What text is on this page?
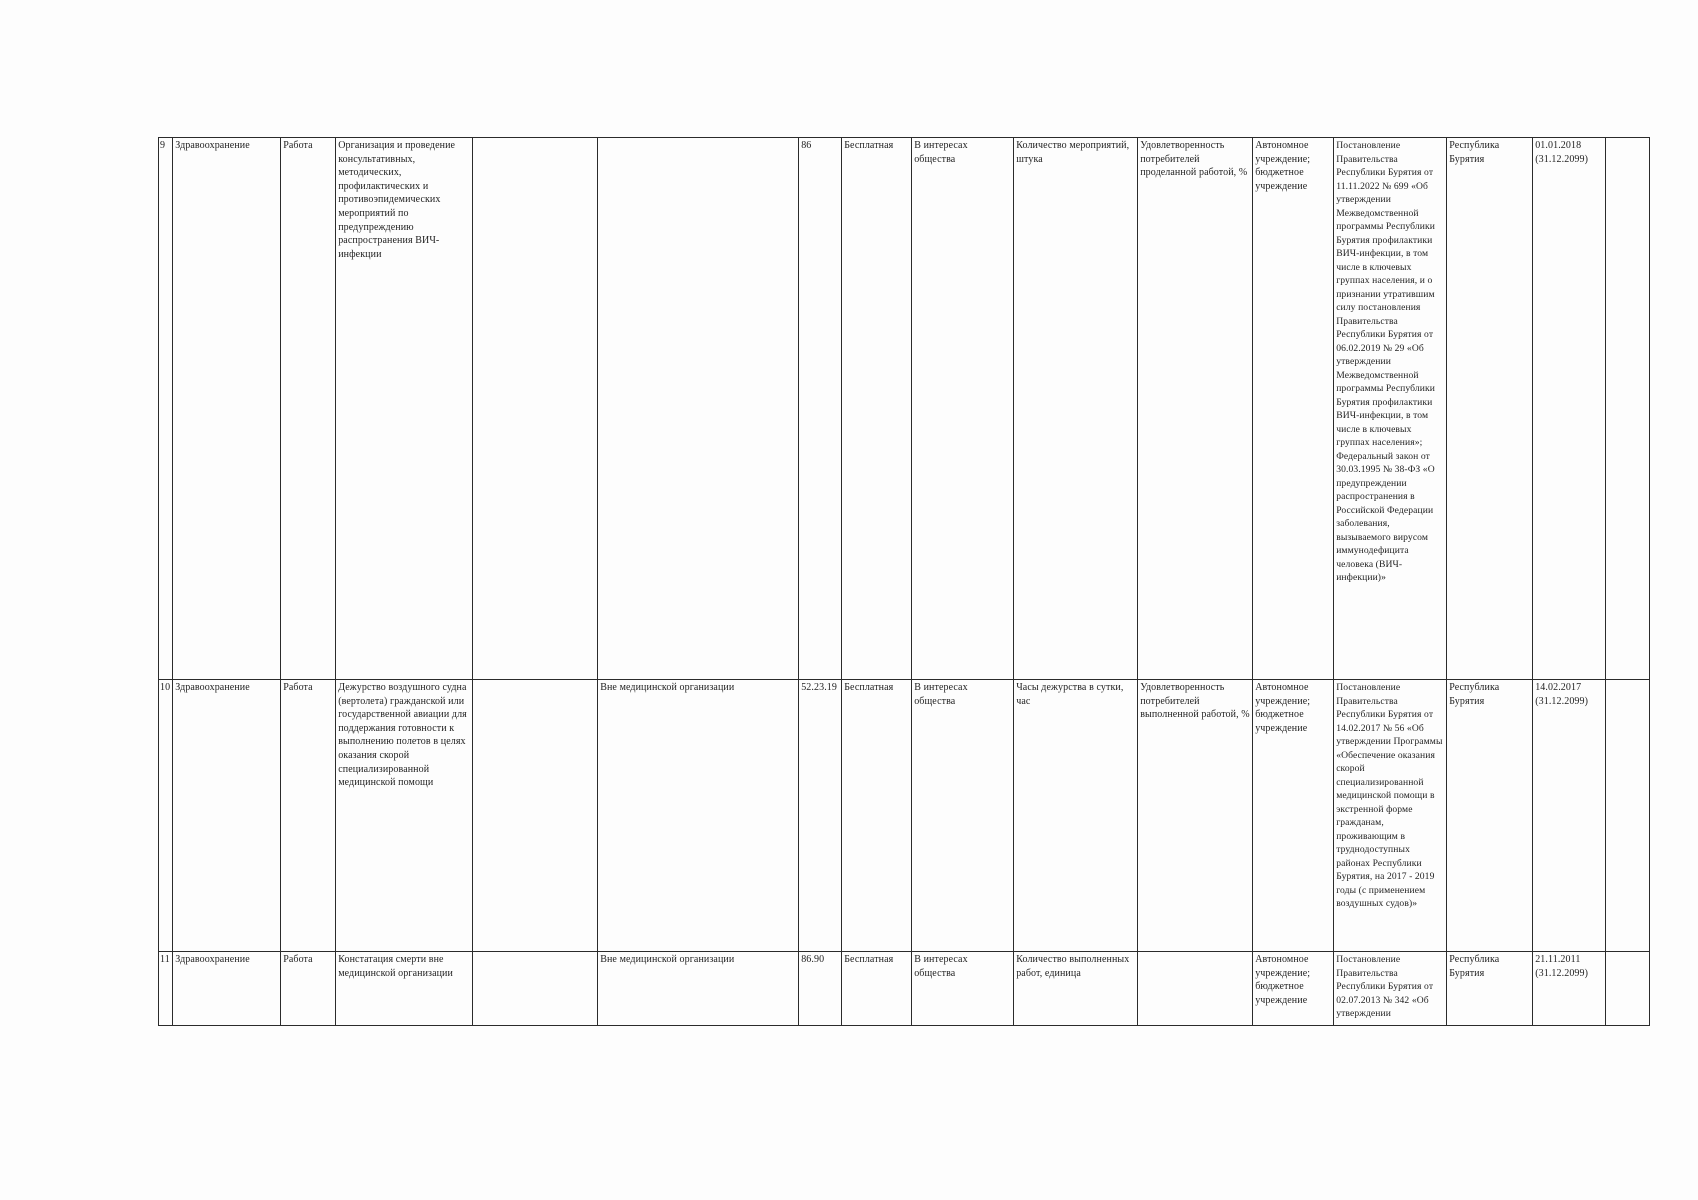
9	Здравоохранение	Работа	Организация и проведение консультативных, методических, профилактических и противоэпидемических мероприятий по предупреждению распространения ВИЧ-инфекции			86	Бесплатная	В интересах общества	Количество мероприятий, штука	Удовлетворенность потребителей проделанной работой, %	Автономное учреждение; бюджетное учреждение	Постановление Правительства Республики Бурятия от 11.11.2022 № 699 «Об утверждении Межведомственной программы Республики Бурятия профилактики ВИЧ-инфекции, в том числе в ключевых группах населения, и о признании утратившим силу постановления Правительства Республики Бурятия от 06.02.2019 № 29 «Об утверждении Межведомственной программы Республики Бурятия профилактики ВИЧ-инфекции, в том числе в ключевых группах населения»; Федеральный закон от 30.03.1995 № 38-ФЗ «О предупреждении распространения в Российской Федерации заболевания, вызываемого вирусом иммунодефицита человека (ВИЧ-инфекции)»	Республика Бурятия	01.01.2018 (31.12.2099)	
10	Здравоохранение	Работа	Дежурство воздушного судна (вертолета) гражданской или государственной авиации для поддержания готовности к выполнению полетов в целях оказания скорой специализированной медицинской помощи		Вне медицинской организации	52.23.19	Бесплатная	В интересах общества	Часы дежурства в сутки, час	Удовлетворенность потребителей выполненной работой, %	Автономное учреждение; бюджетное учреждение	Постановление Правительства Республики Бурятия от 14.02.2017 № 56 «Об утверждении Программы «Обеспечение оказания скорой специализированной медицинской помощи в экстренной форме гражданам, проживающим в труднодоступных районах Республики Бурятия, на 2017 - 2019 годы (с применением воздушных судов)»	Республика Бурятия	14.02.2017 (31.12.2099)	
11	Здравоохранение	Работа	Констатация смерти вне медицинской организации		Вне медицинской организации	86.90	Бесплатная	В интересах общества	Количество выполненных работ, единица		Автономное учреждение; бюджетное учреждение	Постановление Правительства Республики Бурятия от 02.07.2013 № 342 «Об утверждении	Республика Бурятия	21.11.2011 (31.12.2099)	
